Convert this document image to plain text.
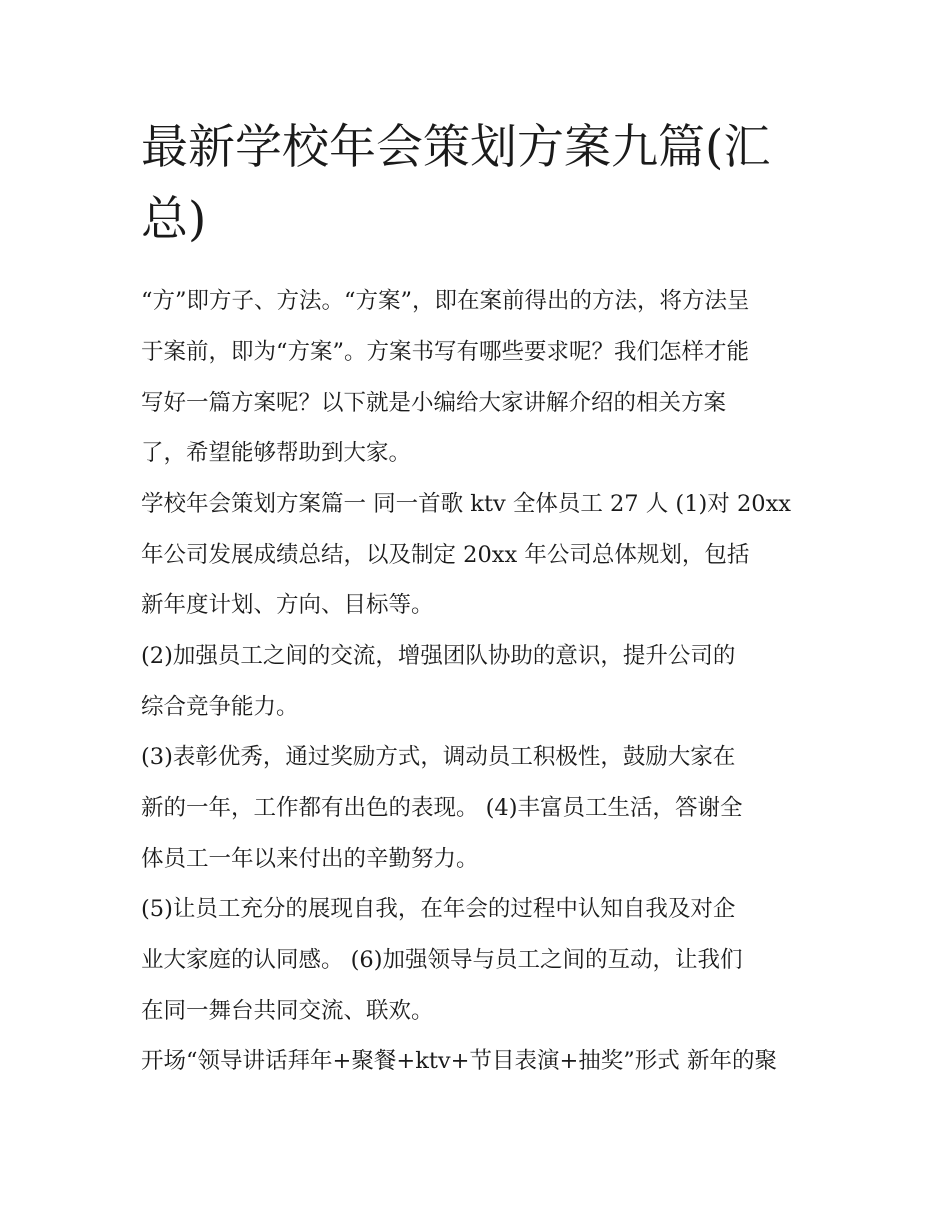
最新学校年会策划方案九篇(汇
总)

“方”即方子、方法。“方案”，即在案前得出的方法，将方法呈

于案前，即为“方案”。方案书写有哪些要求呢？我们怎样才能

写好一篇方案呢？以下就是小编给大家讲解介绍的相关方案

了，希望能够帮助到大家。

学校年会策划方案篇一 同一首歌 ktv 全体员工 27 人 (1)对 20xx

年公司发展成绩总结，以及制定 20xx 年公司总体规划，包括

新年度计划、方向、目标等。

(2)加强员工之间的交流，增强团队协助的意识，提升公司的

综合竞争能力。

(3)表彰优秀，通过奖励方式，调动员工积极性，鼓励大家在

新的一年，工作都有出色的表现。 (4)丰富员工生活，答谢全

体员工一年以来付出的辛勤努力。

(5)让员工充分的展现自我，在年会的过程中认知自我及对企

业大家庭的认同感。 (6)加强领导与员工之间的互动，让我们

在同一舞台共同交流、联欢。

开场“领导讲话拜年+聚餐+ktv+节目表演+抽奖”形式 新年的聚
